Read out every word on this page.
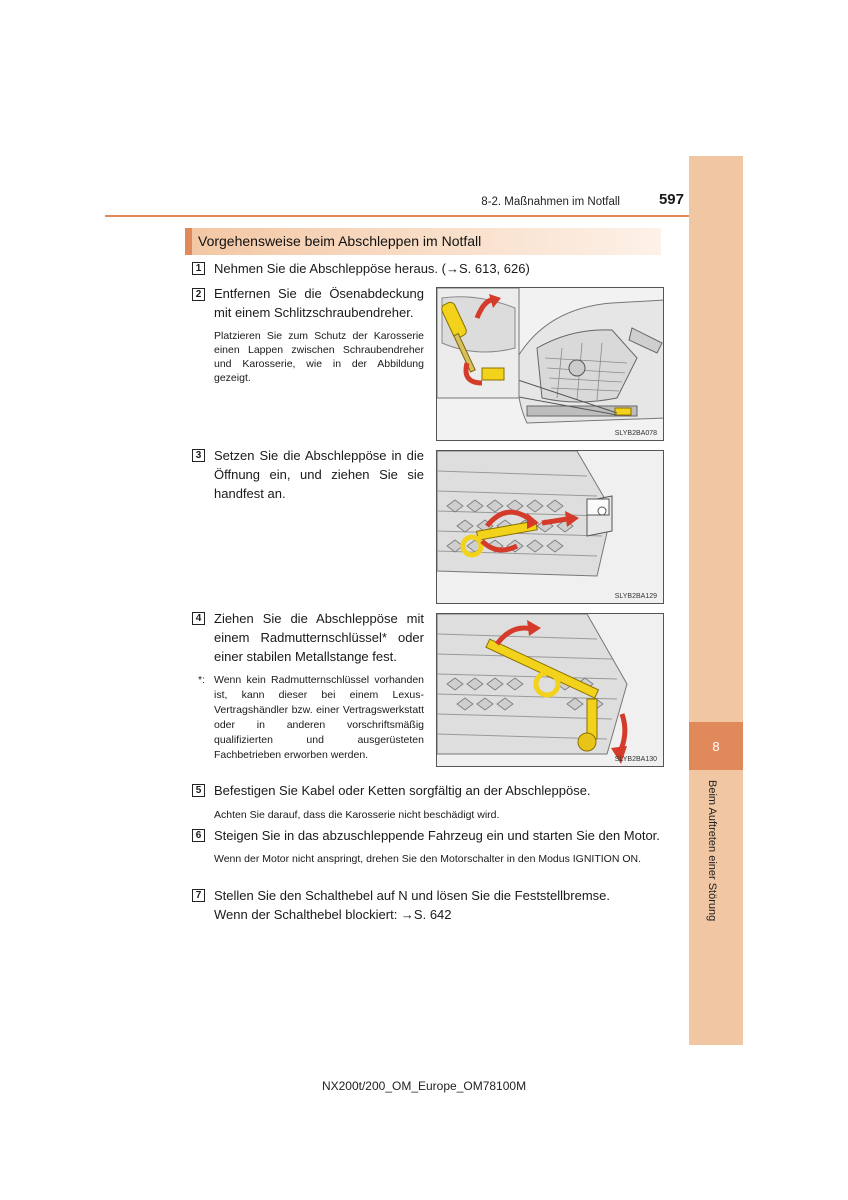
8
Beim Auftreten einer Störung
8-2. Maßnahmen im Notfall	597
Vorgehensweise beim Abschleppen im Notfall
1 Nehmen Sie die Abschleppöse heraus. (→S. 613, 626)
2 Entfernen Sie die Ösenabdeckung mit einem Schlitzschraubendreher.
Platzieren Sie zum Schutz der Karosserie einen Lappen zwischen Schraubendreher und Karosserie, wie in der Abbildung gezeigt.
SLYB2BA078
3 Setzen Sie die Abschleppöse in die Öffnung ein, und ziehen Sie sie handfest an.
SLYB2BA129
4 Ziehen Sie die Abschleppöse mit einem Radmutternschlüssel* oder einer stabilen Metallstange fest.
*: Wenn kein Radmutternschlüssel vorhanden ist, kann dieser bei einem Lexus-Vertragshändler bzw. einer Vertragswerkstatt oder in anderen vorschriftsmäßig qualifizierten und ausgerüsteten Fachbetrieben erworben werden.	SLYB2BA130
5 Befestigen Sie Kabel oder Ketten sorgfältig an der Abschleppöse.
Achten Sie darauf, dass die Karosserie nicht beschädigt wird.
6 Steigen Sie in das abzuschleppende Fahrzeug ein und starten Sie den Motor.
Wenn der Motor nicht anspringt, drehen Sie den Motorschalter in den Modus IGNITION ON.
7 Stellen Sie den Schalthebel auf N und lösen Sie die Feststellbremse.
Wenn der Schalthebel blockiert: →S. 642
NX200t/200_OM_Europe_OM78100M
